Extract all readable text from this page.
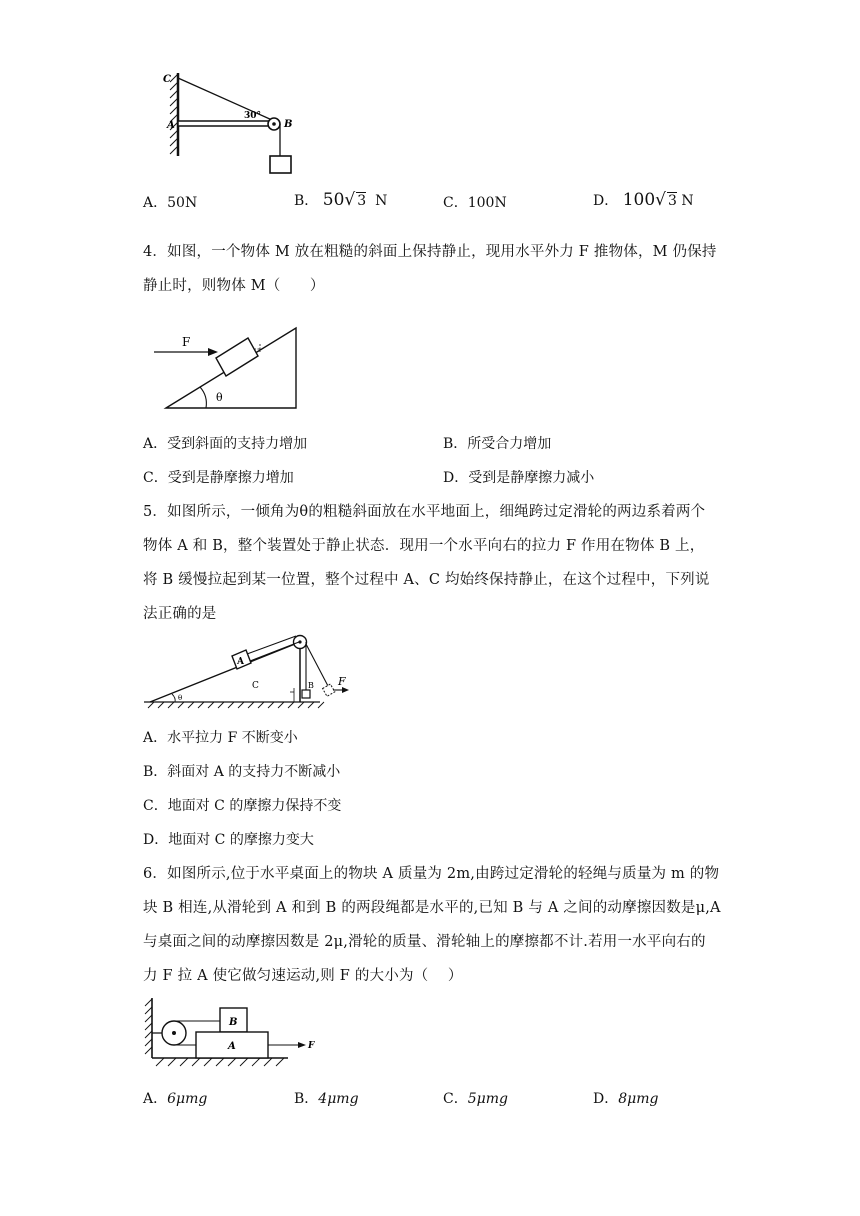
C
A	B
30°
A．50N	B． 50√ 3 N	C．100N	D． 100√ 3 N
4．如图，一个物体 M 放在粗糙的斜面上保持静止，现用水平外力 F 推物体，M 仍保持
静止时，则物体 M（　　）
F
θ
A．受到斜面的支持力增加	B．所受合力增加
C．受到是静摩擦力增加	D．受到是静摩擦力减小
5．如图所示，一倾角为θ的粗糙斜面放在水平地面上，细绳跨过定滑轮的两边系着两个
物体 A 和 B，整个装置处于静止状态．现用一个水平向右的拉力 F 作用在物体 B 上，
将 B 缓慢拉起到某一位置，整个过程中 A、C 均始终保持静止，在这个过程中，下列说
法正确的是
A
F
C	B
θ
A．水平拉力 F 不断变小
B．斜面对 A 的支持力不断减小
C．地面对 C 的摩擦力保持不变
D．地面对 C 的摩擦力变大
6．如图所示,位于水平桌面上的物块 A 质量为 2m,由跨过定滑轮的轻绳与质量为 m 的物
块 B 相连,从滑轮到 A 和到 B 的两段绳都是水平的,已知 B 与 A 之间的动摩擦因数是μ,A
与桌面之间的动摩擦因数是 2μ,滑轮的质量、滑轮轴上的摩擦都不计.若用一水平向右的
力 F 拉 A 使它做匀速运动,则 F 的大小为（　 ）
B
A	F
A．6μmg	B．4μmg	C．5μmg	D．8μmg
